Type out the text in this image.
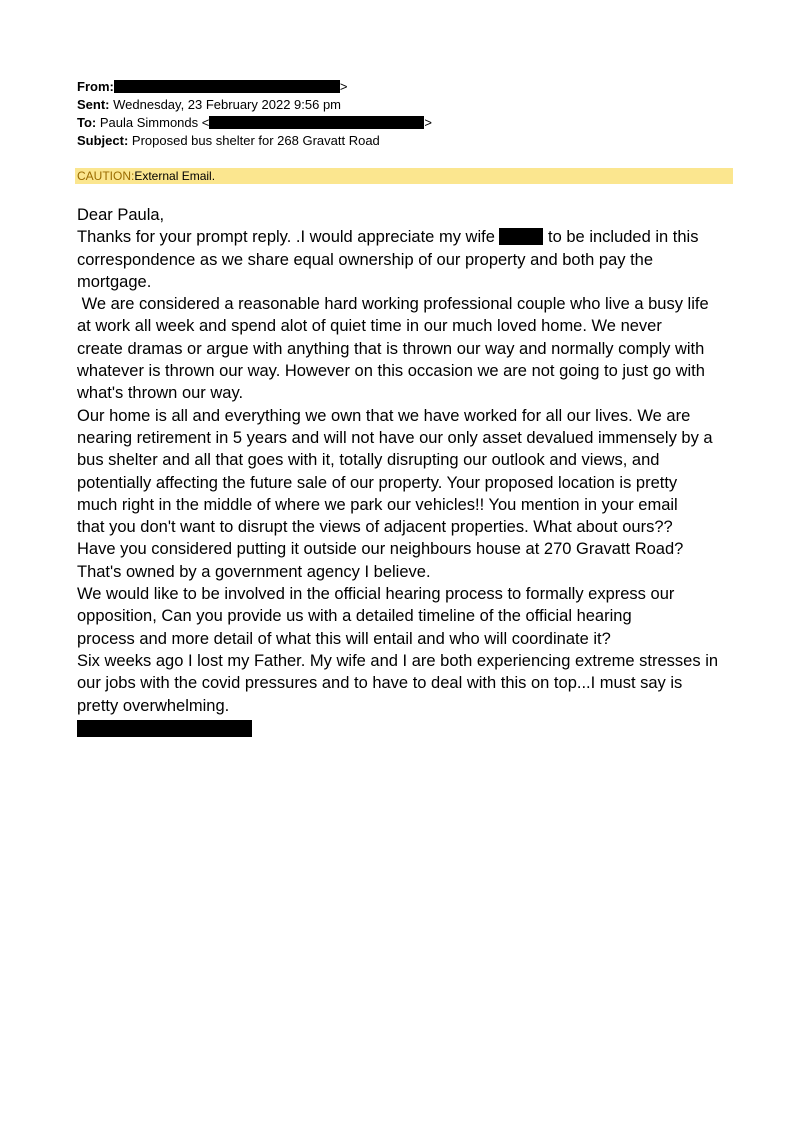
From:	>
Sent: Wednesday, 23 February 2022 9:56 pm
To: Paula Simmonds <	>
Subject: Proposed bus shelter for 268 Gravatt Road
CAUTION:External Email.

Dear Paula,

Thanks for your prompt reply. .I would appreciate my wife	to be included in this

correspondence as we share equal ownership of our property and both pay the

mortgage.

We are considered a reasonable hard working professional couple who live a busy life

at work all week and spend alot of quiet time in our much loved home. We never

create dramas or argue with anything that is thrown our way and normally comply with

whatever is thrown our way. However on this occasion we are not going to just go with

what's thrown our way.

Our home is all and everything we own that we have worked for all our lives. We are

nearing retirement in 5 years and will not have our only asset devalued immensely by a

bus shelter and all that goes with it, totally disrupting our outlook and views, and

potentially affecting the future sale of our property. Your proposed location is pretty

much right in the middle of where we park our vehicles!! You mention in your email

that you don't want to disrupt the views of adjacent properties. What about ours??

Have you considered putting it outside our neighbours house at 270 Gravatt Road?

That's owned by a government agency I believe.

We would like to be involved in the official hearing process to formally express our

opposition, Can you provide us with a detailed timeline of the official hearing

process and more detail of what this will entail and who will coordinate it?

Six weeks ago I lost my Father. My wife and I are both experiencing extreme stresses in

our jobs with the covid pressures and to have to deal with this on top...I must say is

pretty overwhelming.
